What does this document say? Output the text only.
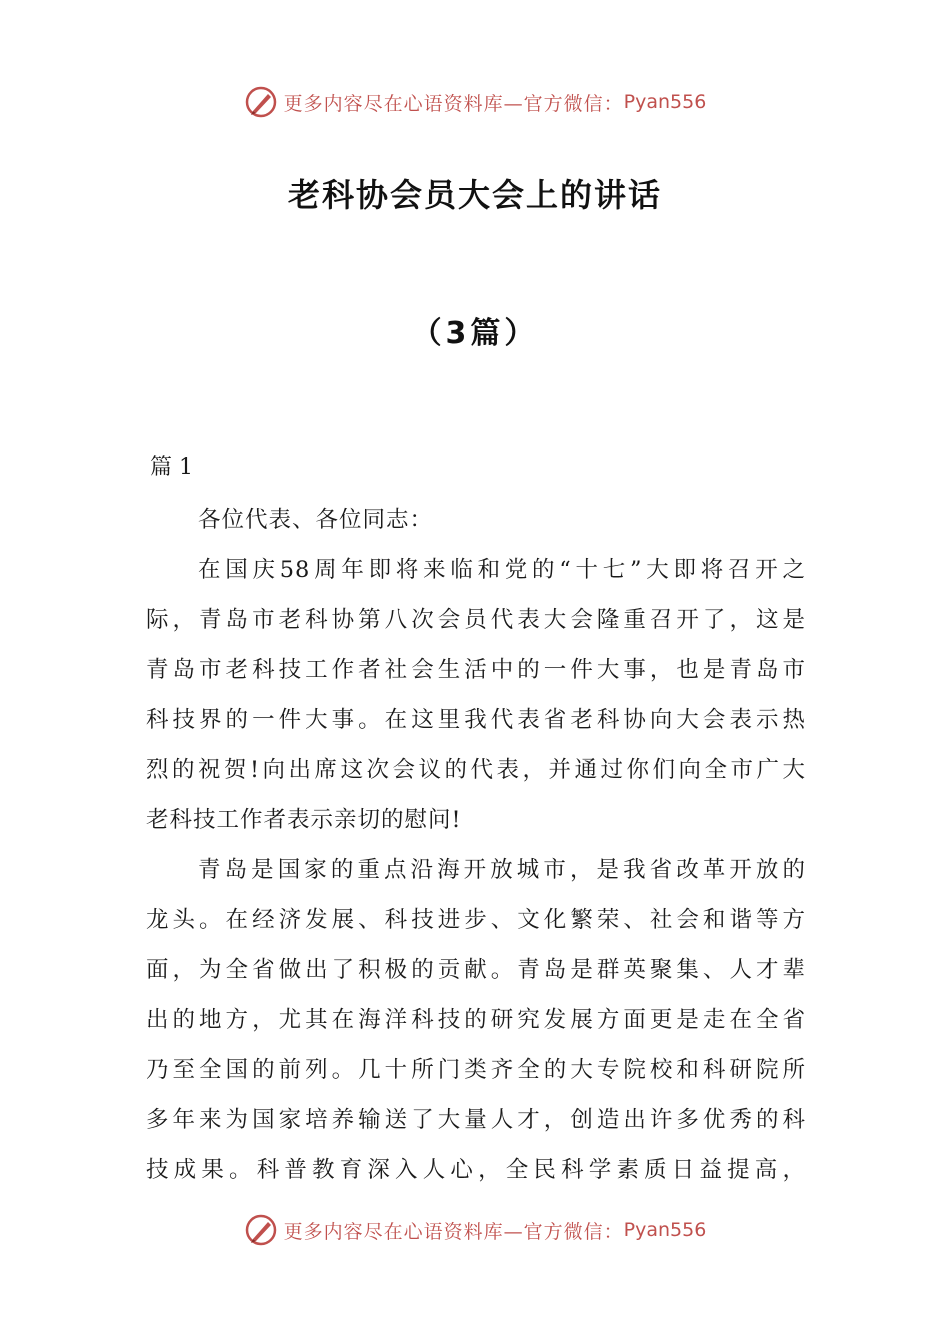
更多内容尽在心语资料库—官方微信： Pyan556
老科协会员大会上的讲话
（3篇）
篇 1
各位代表、各位同志：
在国庆58周年即将来临和党的“十七”大即将召开之
际，青岛市老科协第八次会员代表大会隆重召开了，这是
青岛市老科技工作者社会生活中的一件大事，也是青岛市
科技界的一件大事。在这里我代表省老科协向大会表示热
烈的祝贺!向出席这次会议的代表，并通过你们向全市广大
老科技工作者表示亲切的慰问!
青岛是国家的重点沿海开放城市，是我省改革开放的
龙头。在经济发展、科技进步、文化繁荣、社会和谐等方
面，为全省做出了积极的贡献。青岛是群英聚集、人才辈
出的地方，尤其在海洋科技的研究发展方面更是走在全省
乃至全国的前列。几十所门类齐全的大专院校和科研院所
多年来为国家培养输送了大量人才，创造出许多优秀的科
技成果。科普教育深入人心，全民科学素质日益提高，
更多内容尽在心语资料库—官方微信： Pyan556
